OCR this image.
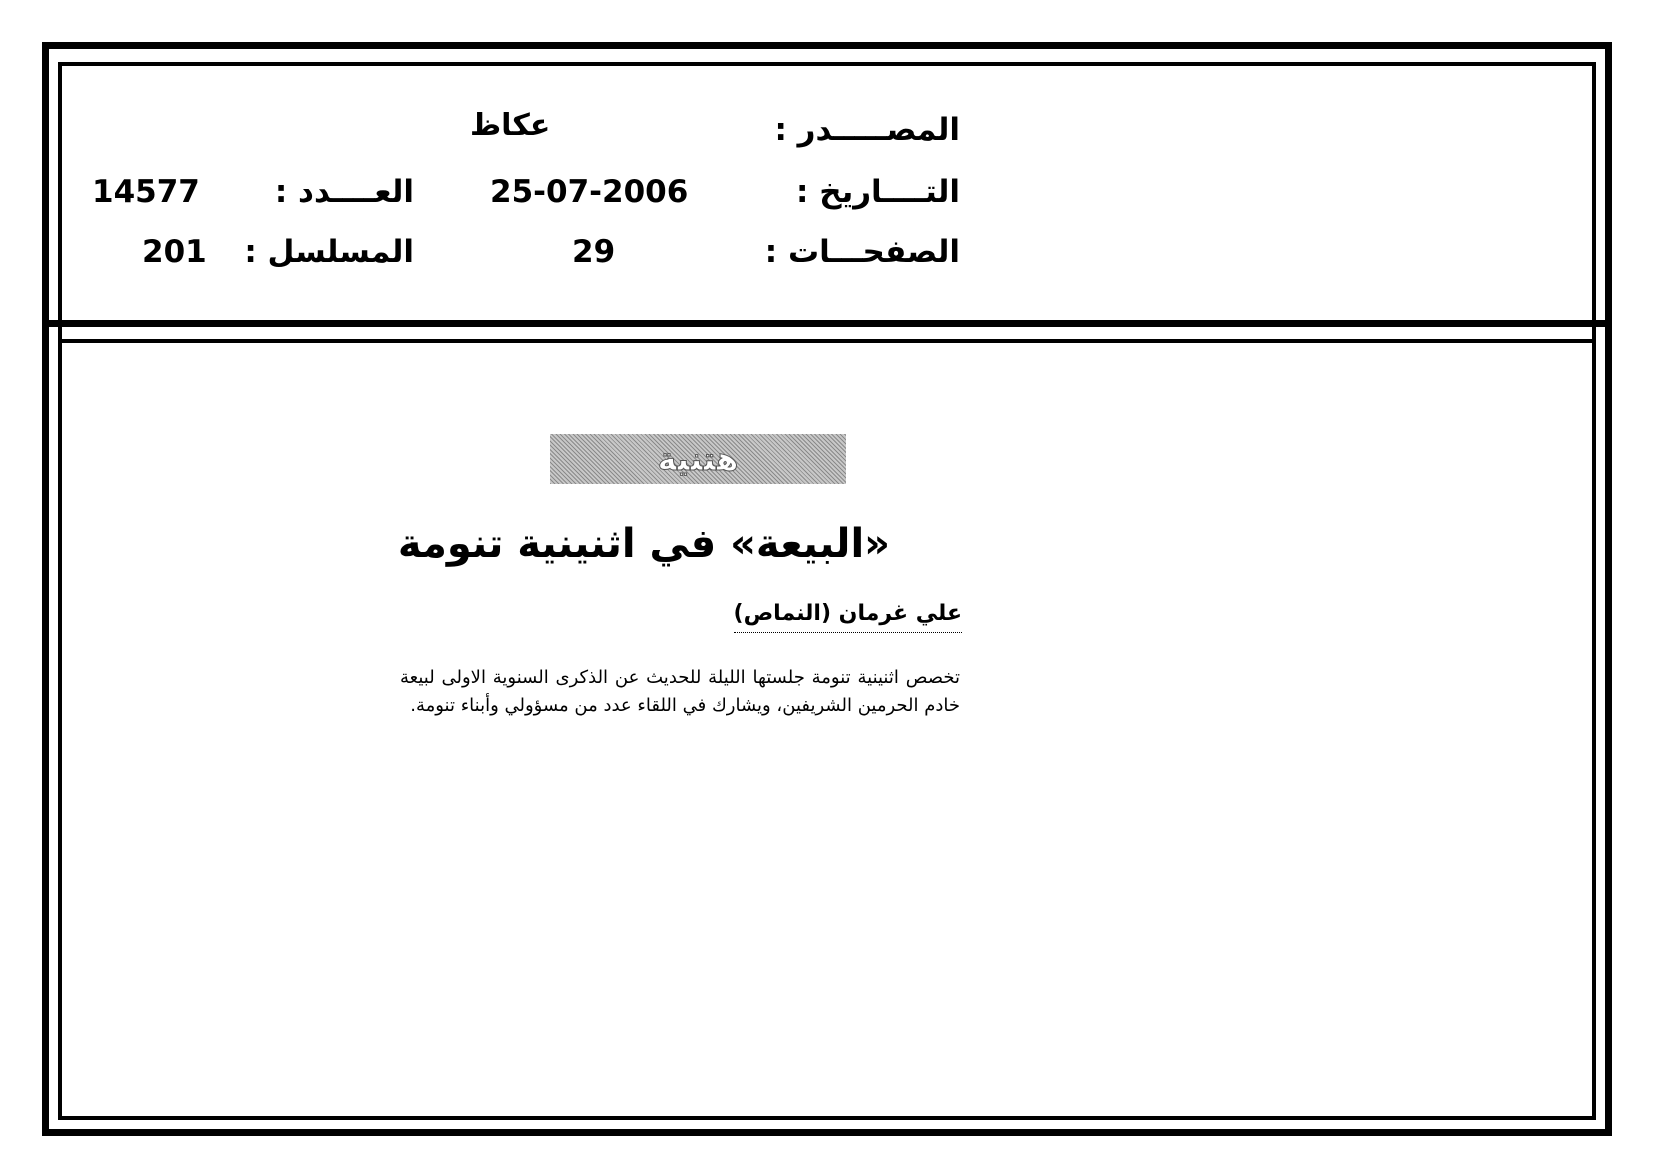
المصـــــدر :
عكاظ
التــــاريخ :
25-07-2006
العــــدد :
14577
الصفحـــات :
29
المسلسل :
201
هتنية
«البيعة» في اثنينية تنومة
علي غرمان (النماص)
تخصص اثنينية تنومة جلستها الليلة للحديث عن الذكرى السنوية الاولى لبيعة خادم الحرمين الشريفين، ويشارك في اللقاء عدد من مسؤولي وأبناء تنومة.
